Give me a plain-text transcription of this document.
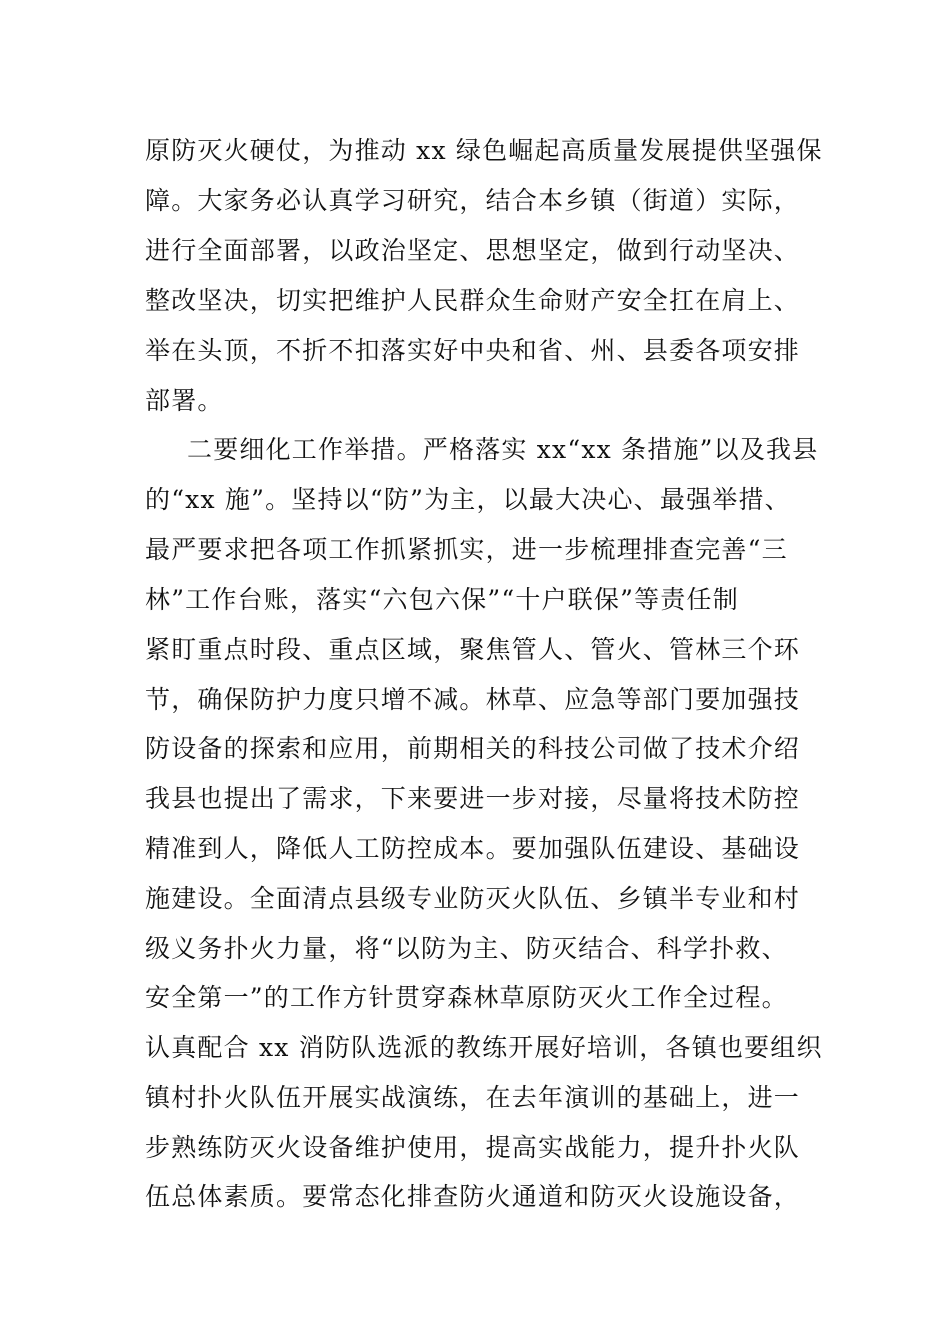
原防灭火硬仗，为推动 xx 绿色崛起高质量发展提供坚强保
障。大家务必认真学习研究，结合本乡镇（街道）实际，
进行全面部署，以政治坚定、思想坚定，做到行动坚决、
整改坚决，切实把维护人民群众生命财产安全扛在肩上、
举在头顶，不折不扣落实好中央和省、州、县委各项安排
部署。
二要细化工作举措。严格落实 xx“xx 条措施”以及我县
的“xx 施”。坚持以“防”为主，以最大决心、最强举措、
最严要求把各项工作抓紧抓实，进一步梳理排查完善“三
林”工作台账，落实“六包六保”“十户联保”等责任制
紧盯重点时段、重点区域，聚焦管人、管火、管林三个环
节，确保防护力度只增不减。林草、应急等部门要加强技
防设备的探索和应用，前期相关的科技公司做了技术介绍
我县也提出了需求，下来要进一步对接，尽量将技术防控
精准到人，降低人工防控成本。要加强队伍建设、基础设
施建设。全面清点县级专业防灭火队伍、乡镇半专业和村
级义务扑火力量，将“以防为主、防灭结合、科学扑救、
安全第一”的工作方针贯穿森林草原防灭火工作全过程。
认真配合 xx 消防队选派的教练开展好培训，各镇也要组织
镇村扑火队伍开展实战演练，在去年演训的基础上，进一
步熟练防灭火设备维护使用，提高实战能力，提升扑火队
伍总体素质。要常态化排查防火通道和防灭火设施设备，
